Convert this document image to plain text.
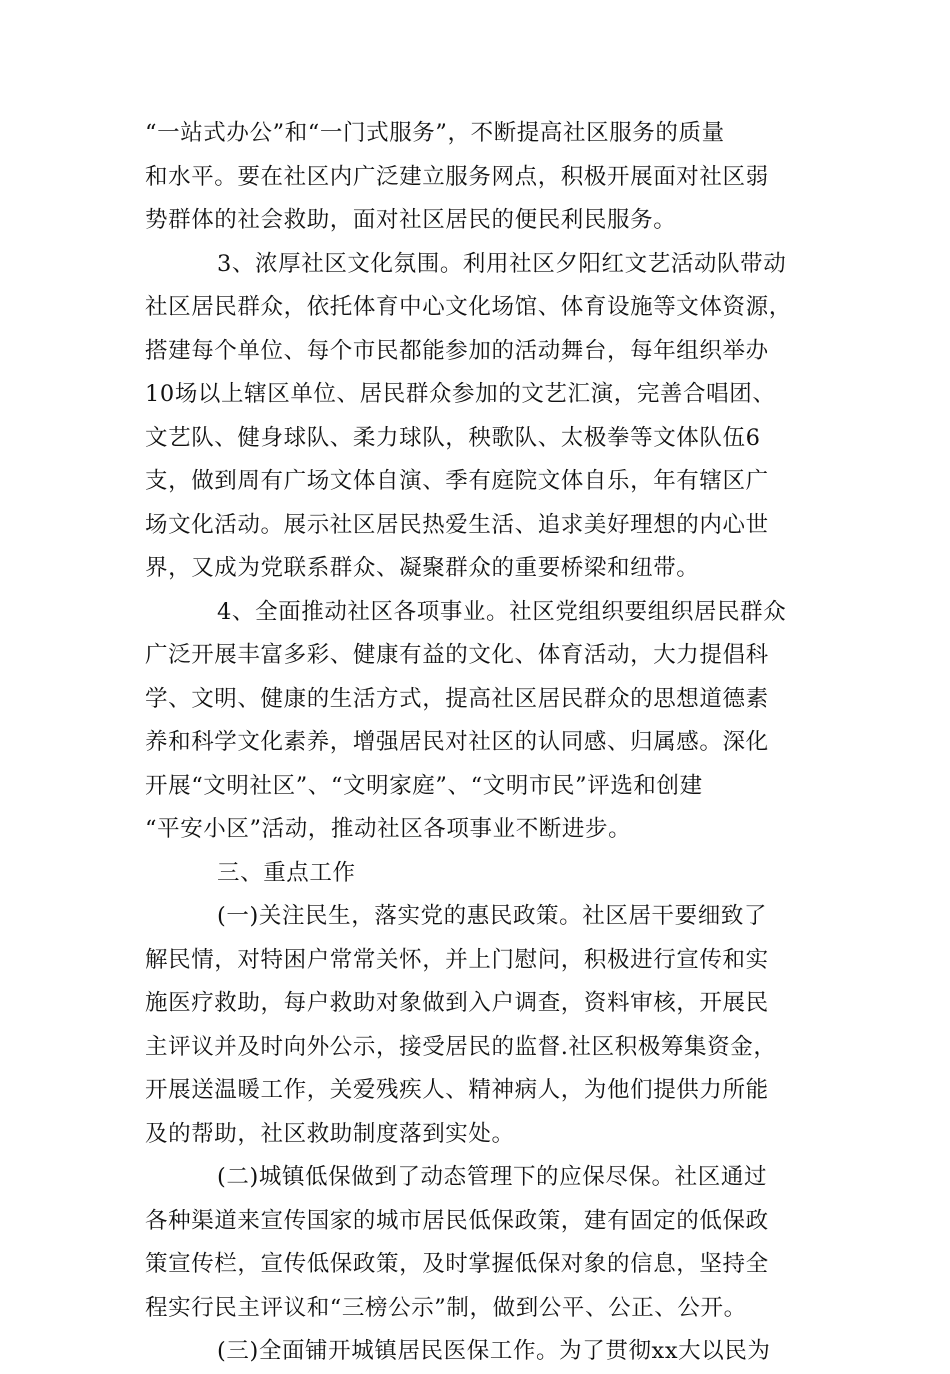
“一站式办公”和“一门式服务”，不断提高社区服务的质量
和水平。要在社区内广泛建立服务网点，积极开展面对社区弱
势群体的社会救助，面对社区居民的便民利民服务。
3、浓厚社区文化氛围。利用社区夕阳红文艺活动队带动
社区居民群众，依托体育中心文化场馆、体育设施等文体资源，
搭建每个单位、每个市民都能参加的活动舞台，每年组织举办
10场以上辖区单位、居民群众参加的文艺汇演，完善合唱团、
文艺队、健身球队、柔力球队，秧歌队、太极拳等文体队伍6
支，做到周有广场文体自演、季有庭院文体自乐，年有辖区广
场文化活动。展示社区居民热爱生活、追求美好理想的内心世
界，又成为党联系群众、凝聚群众的重要桥梁和纽带。
4、全面推动社区各项事业。社区党组织要组织居民群众
广泛开展丰富多彩、健康有益的文化、体育活动，大力提倡科
学、文明、健康的生活方式，提高社区居民群众的思想道德素
养和科学文化素养，增强居民对社区的认同感、归属感。深化
开展“文明社区”、“文明家庭”、“文明市民”评选和创建
“平安小区”活动，推动社区各项事业不断进步。
三、重点工作
(一)关注民生，落实党的惠民政策。社区居干要细致了
解民情，对特困户常常关怀，并上门慰问，积极进行宣传和实
施医疗救助，每户救助对象做到入户调查，资料审核，开展民
主评议并及时向外公示，接受居民的监督.社区积极筹集资金，
开展送温暖工作，关爱残疾人、精神病人，为他们提供力所能
及的帮助，社区救助制度落到实处。
(二)城镇低保做到了动态管理下的应保尽保。社区通过
各种渠道来宣传国家的城市居民低保政策，建有固定的低保政
策宣传栏，宣传低保政策，及时掌握低保对象的信息，坚持全
程实行民主评议和“三榜公示”制，做到公平、公正、公开。
(三)全面铺开城镇居民医保工作。为了贯彻xx大以民为
